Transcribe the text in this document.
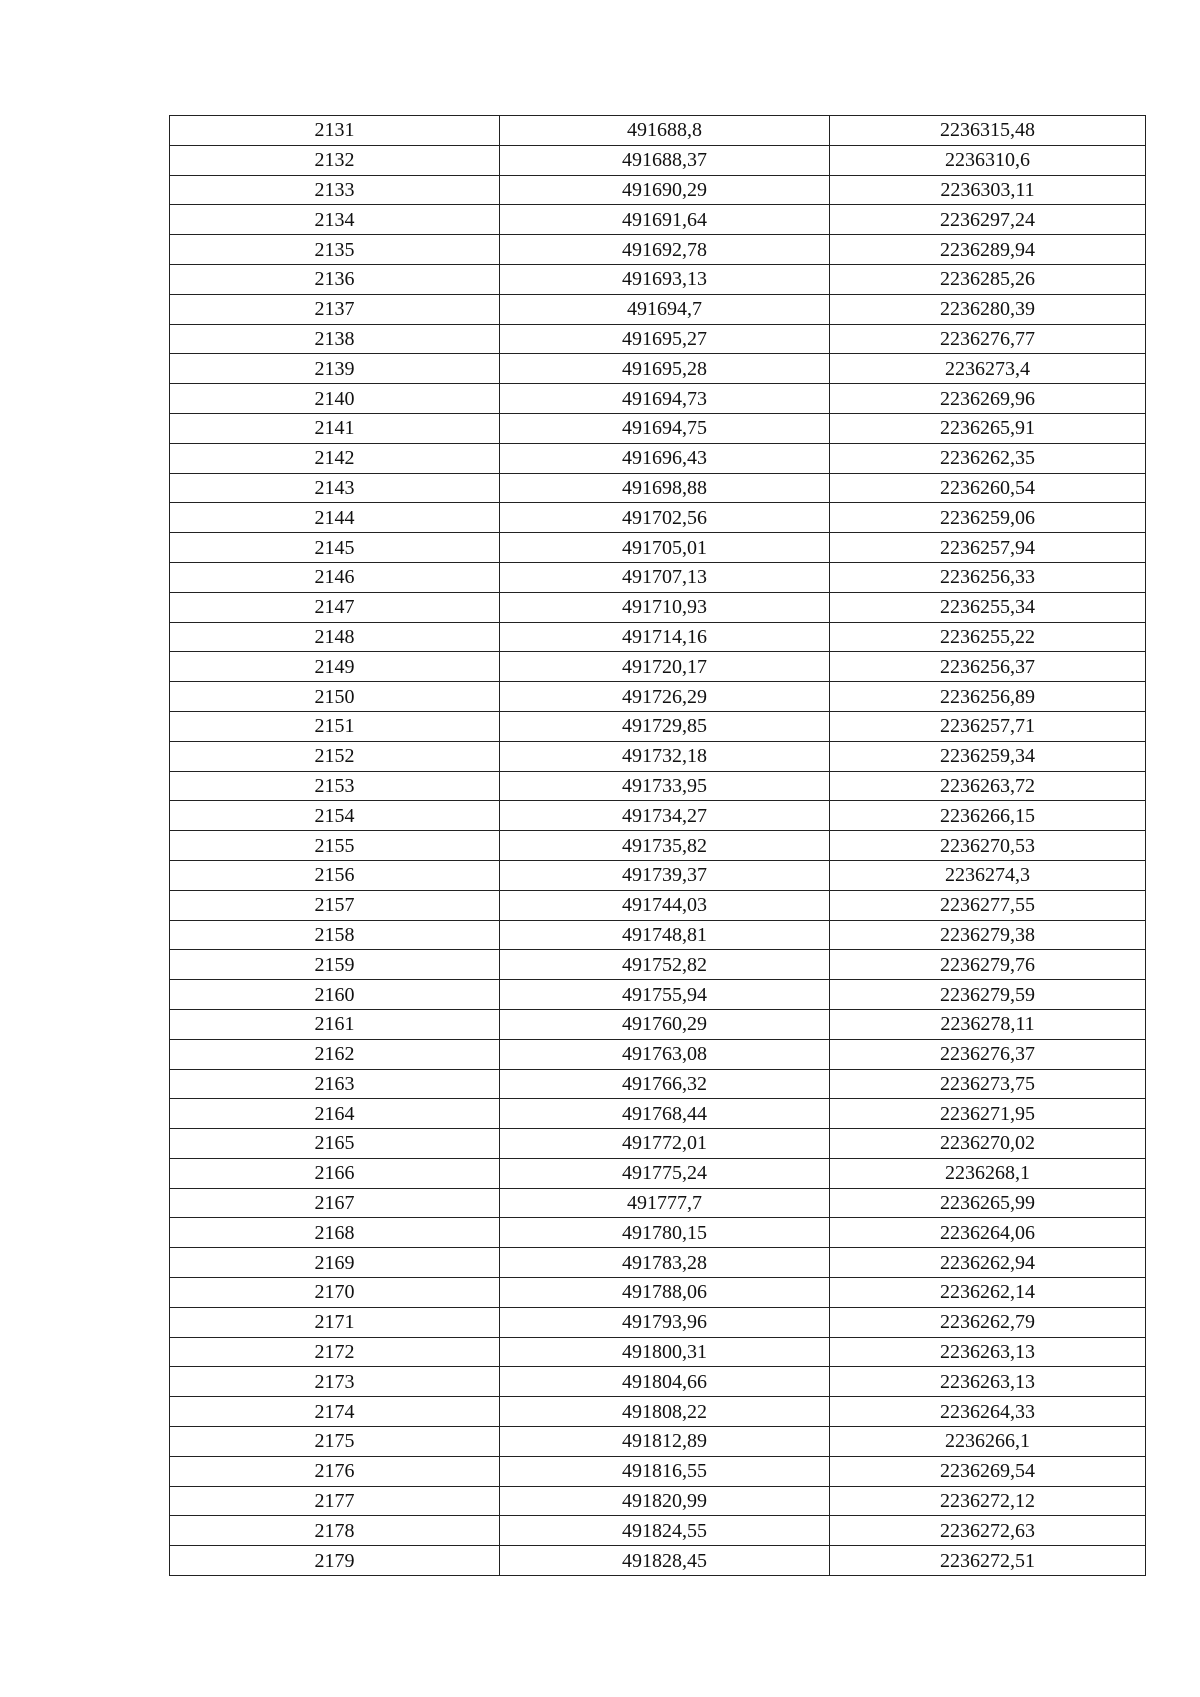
2131	491688,8	2236315,48
2132	491688,37	2236310,6
2133	491690,29	2236303,11
2134	491691,64	2236297,24
2135	491692,78	2236289,94
2136	491693,13	2236285,26
2137	491694,7	2236280,39
2138	491695,27	2236276,77
2139	491695,28	2236273,4
2140	491694,73	2236269,96
2141	491694,75	2236265,91
2142	491696,43	2236262,35
2143	491698,88	2236260,54
2144	491702,56	2236259,06
2145	491705,01	2236257,94
2146	491707,13	2236256,33
2147	491710,93	2236255,34
2148	491714,16	2236255,22
2149	491720,17	2236256,37
2150	491726,29	2236256,89
2151	491729,85	2236257,71
2152	491732,18	2236259,34
2153	491733,95	2236263,72
2154	491734,27	2236266,15
2155	491735,82	2236270,53
2156	491739,37	2236274,3
2157	491744,03	2236277,55
2158	491748,81	2236279,38
2159	491752,82	2236279,76
2160	491755,94	2236279,59
2161	491760,29	2236278,11
2162	491763,08	2236276,37
2163	491766,32	2236273,75
2164	491768,44	2236271,95
2165	491772,01	2236270,02
2166	491775,24	2236268,1
2167	491777,7	2236265,99
2168	491780,15	2236264,06
2169	491783,28	2236262,94
2170	491788,06	2236262,14
2171	491793,96	2236262,79
2172	491800,31	2236263,13
2173	491804,66	2236263,13
2174	491808,22	2236264,33
2175	491812,89	2236266,1
2176	491816,55	2236269,54
2177	491820,99	2236272,12
2178	491824,55	2236272,63
2179	491828,45	2236272,51
